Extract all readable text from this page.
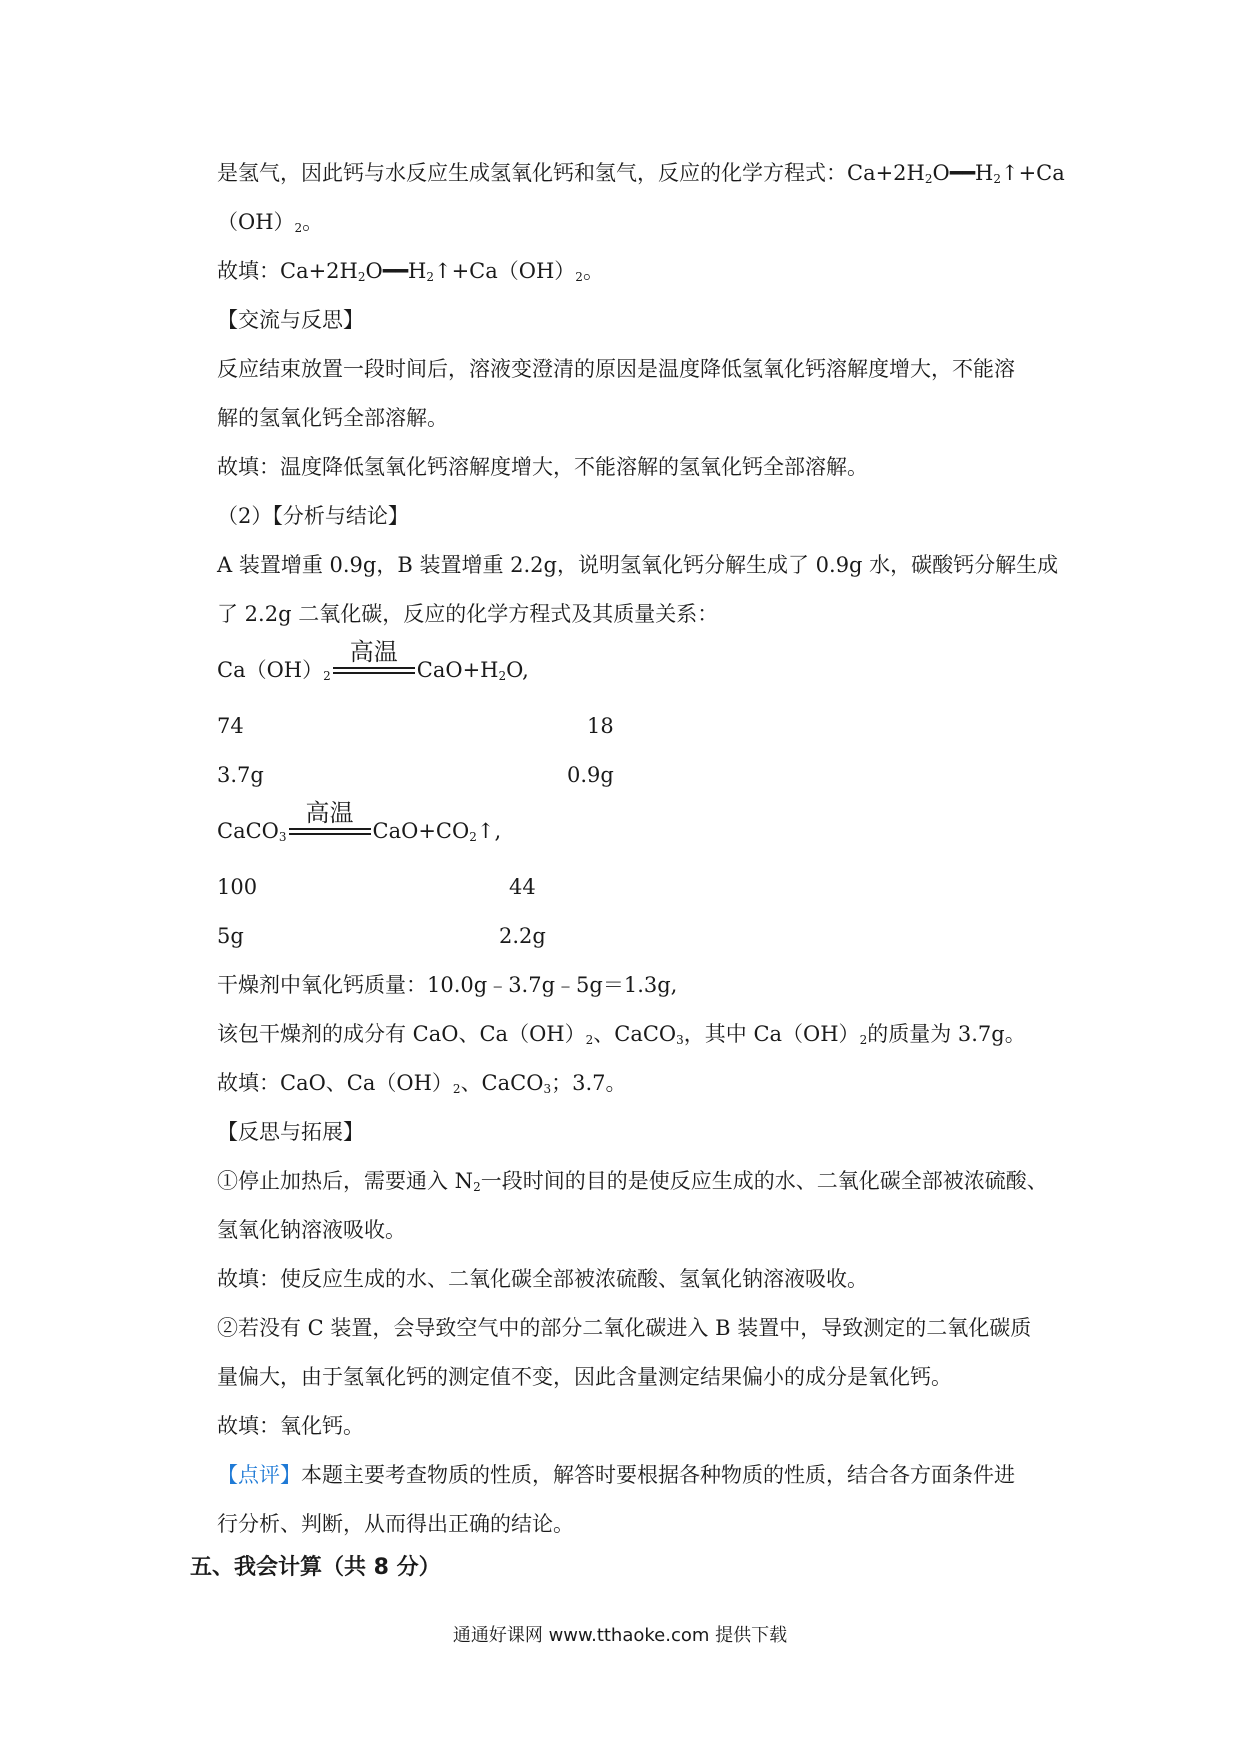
是氢气，因此钙与水反应生成氢氧化钙和氢气，反应的化学方程式：$Ca+2H_2O━━H_2↑+Ca$
$(OH)_2$。
故填：$Ca+2H_2O━━H_2↑+Ca(OH)_2$。
【交流与反思】
反应结束放置一段时间后，溶液变澄清的原因是温度降低氢氧化钙溶解度增大，不能溶
解的氢氧化钙全部溶解。
故填：温度降低氢氧化钙溶解度增大，不能溶解的氢氧化钙全部溶解。
（2）【分析与结论】
A 装置增重 0.9g，B 装置增重 2.2g，说明氢氧化钙分解生成了 0.9g 水，碳酸钙分解生成
了 2.2g 二氧化碳，反应的化学方程式及其质量关系：
$Ca(OH)_2$
高温
$CaO+H_2O$,
74	18
3.7g	0.9g
CaCO$_3$
高温
$CaO+CO_2↑$,
100	44
5g	2.2g
干燥剂中氧化钙质量：10.0g﹣3.7g﹣5g＝1.3g,
该包干燥剂的成分有 CaO、$Ca(OH)_2$、CaCO$_3$，其中 $Ca(OH)_2$的质量为 3.7g。
故填：CaO、$Ca(OH)_2$、CaCO$_3$；3.7。
【反思与拓展】
①停止加热后，需要通入 $N_2$一段时间的目的是使反应生成的水、二氧化碳全部被浓硫酸、
氢氧化钠溶液吸收。
故填：使反应生成的水、二氧化碳全部被浓硫酸、氢氧化钠溶液吸收。
②若没有 C 装置，会导致空气中的部分二氧化碳进入 B 装置中，导致测定的二氧化碳质
量偏大，由于氢氧化钙的测定值不变，因此含量测定结果偏小的成分是氧化钙。
故填：氧化钙。
【点评】本题主要考查物质的性质，解答时要根据各种物质的性质，结合各方面条件进
行分析、判断，从而得出正确的结论。
五、我会计算（共 8 分）
通通好课网 www.tthaoke.com 提供下载
